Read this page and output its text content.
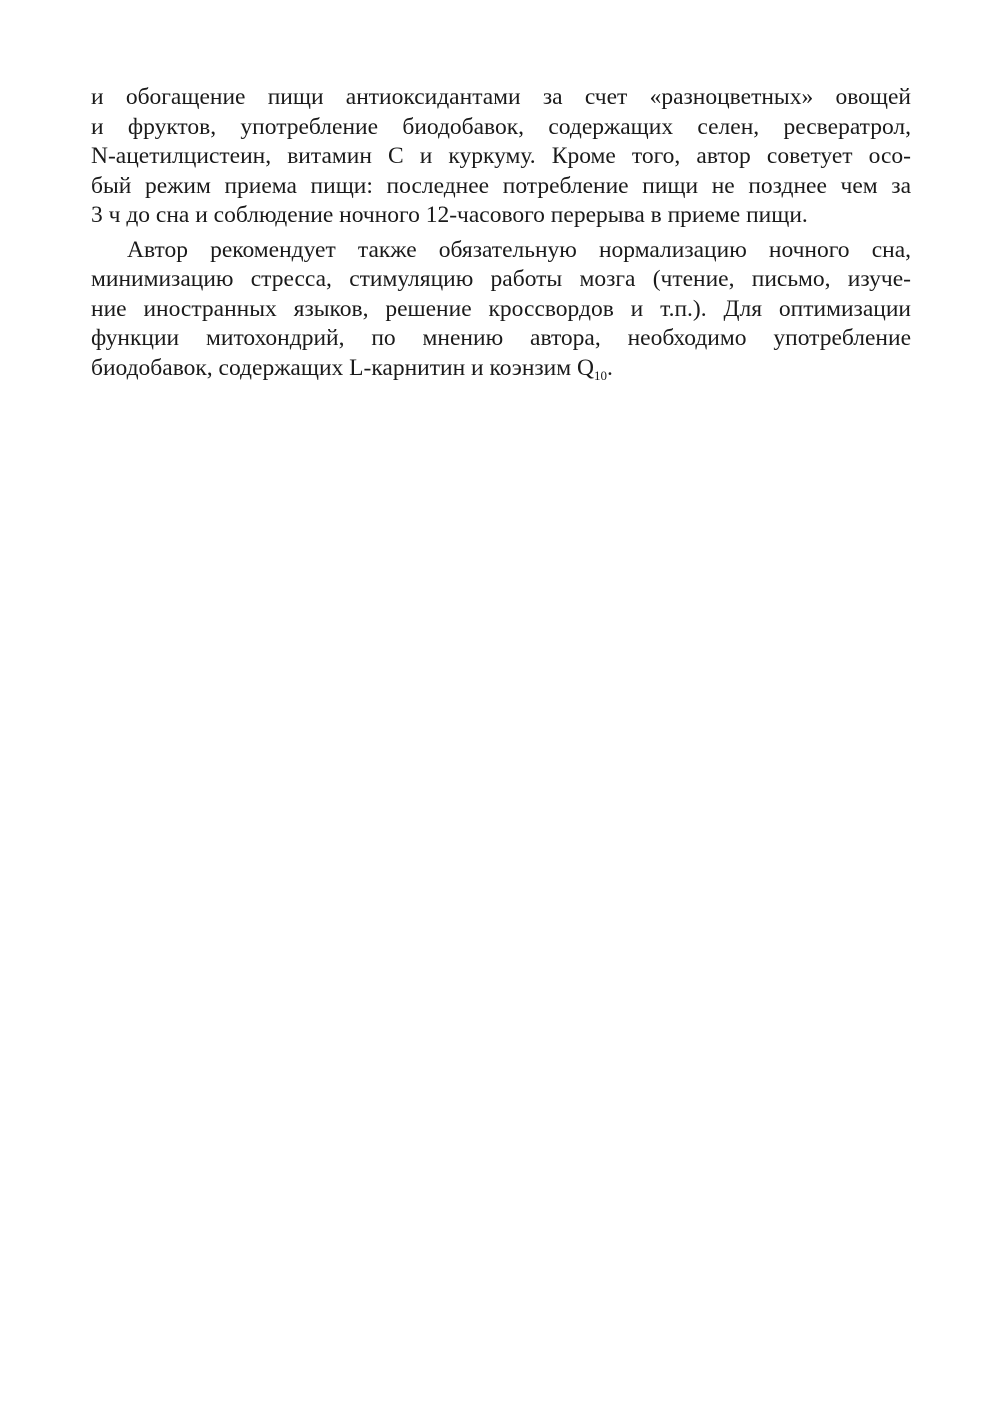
и обогащение пищи антиоксидантами за счет «разноцветных» овощей
и фруктов, употребление биодобавок, содержащих селен, ресвератрол,
N-ацетилцистеин, витамин С и куркуму. Кроме того, автор советует осо-
бый режим приема пищи: последнее потребление пищи не позднее чем за
3 ч до сна и соблюдение ночного 12-часового перерыва в приеме пищи.
Автор рекомендует также обязательную нормализацию ночного сна,
минимизацию стресса, стимуляцию работы мозга (чтение, письмо, изуче-
ние иностранных языков, решение кроссвордов и т.п.). Для оптимизации
функции митохондрий, по мнению автора, необходимо употребление
биодобавок, содержащих L-карнитин и коэнзим $Q_{10}$.
